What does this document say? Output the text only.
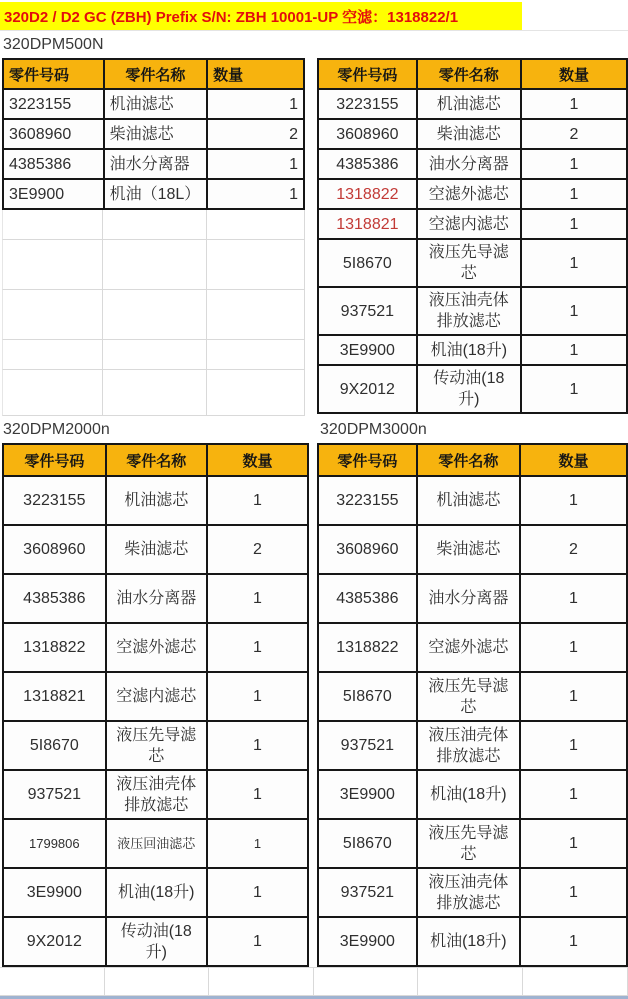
320D2 / D2 GC (ZBH) Prefix S/N: ZBH 10001-UP 空滤：1318822/1
320DPM500N
零件号码	零件名称	数量
3223155	机油滤芯	1
3608960	柴油滤芯	2
4385386	油水分离器	1
3E9900	机油（18L）	1
零件号码	零件名称	数量
3223155	机油滤芯	1
3608960	柴油滤芯	2
4385386	油水分离器	1
1318822	空滤外滤芯	1
1318821	空滤内滤芯	1
5I8670	液压先导滤芯	1
937521	液压油壳体排放滤芯	1
3E9900	机油(18升)	1
9X2012	传动油(18升)	1
320DPM2000n	320DPM3000n
零件号码	零件名称	数量
3223155	机油滤芯	1
3608960	柴油滤芯	2
4385386	油水分离器	1
1318822	空滤外滤芯	1
1318821	空滤内滤芯	1
5I8670	液压先导滤芯	1
937521	液压油壳体排放滤芯	1
1799806	液压回油滤芯	1
3E9900	机油(18升)	1
9X2012	传动油(18升)	1
零件号码	零件名称	数量
3223155	机油滤芯	1
3608960	柴油滤芯	2
4385386	油水分离器	1
1318822	空滤外滤芯	1
5I8670	液压先导滤芯	1
937521	液压油壳体排放滤芯	1
3E9900	机油(18升)	1
5I8670	液压先导滤芯	1
937521	液压油壳体排放滤芯	1
3E9900	机油(18升)	1
